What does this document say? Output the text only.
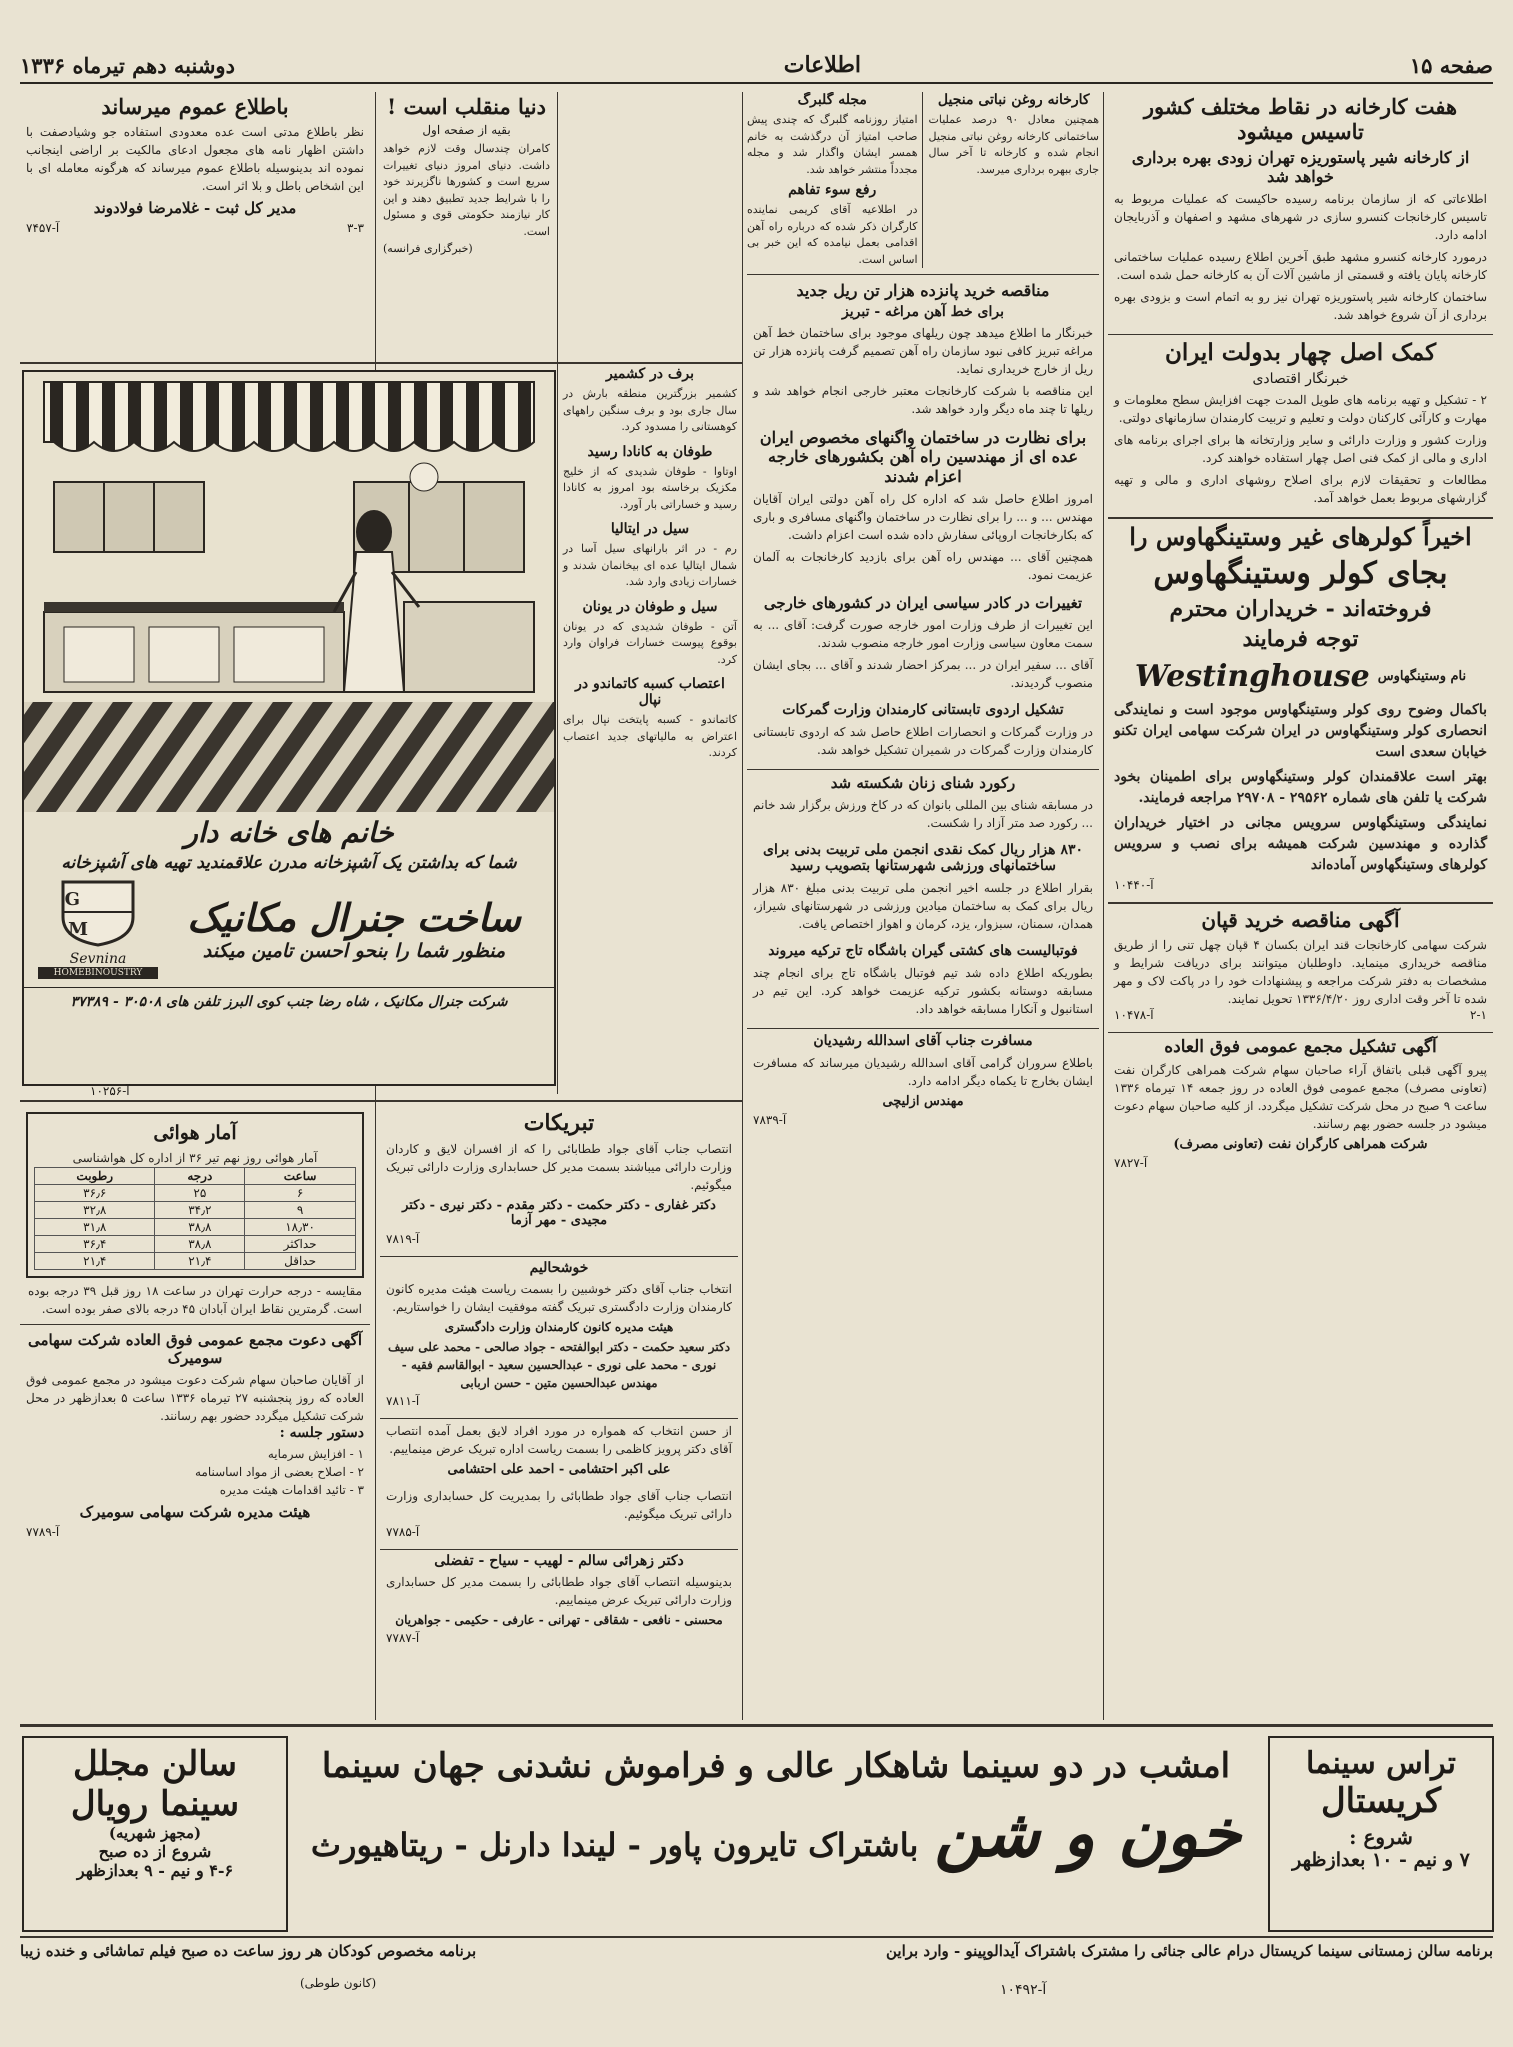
صفحه ۱۵
اطلاعات
دوشنبه دهم تیرماه ۱۳۳۶
هفت کارخانه در نقاط مختلف کشور تاسیس میشود
از کارخانه شیر پاستوریزه تهران زودی بهره برداری خواهد شد

اطلاعاتی که از سازمان برنامه رسیده حاکیست که عملیات مربوط به تاسیس کارخانجات کنسرو سازی در شهرهای مشهد و اصفهان و آذربایجان ادامه دارد.

درمورد کارخانه کنسرو مشهد طبق آخرین اطلاع رسیده عملیات ساختمانی کارخانه پایان یافته و قسمتی از ماشین آلات آن به کارخانه حمل شده است.

ساختمان کارخانه شیر پاستوریزه تهران نیز رو به اتمام است و بزودی بهره برداری از آن شروع خواهد شد.

کمک اصل چهار بدولت ایران
خبرنگار اقتصادی

۲ - تشکیل و تهیه برنامه های طویل المدت جهت افزایش سطح معلومات و مهارت و کارآئی کارکنان دولت و تعلیم و تربیت کارمندان سازمانهای دولتی.

وزارت کشور و وزارت دارائی و سایر وزارتخانه ها برای اجرای برنامه های اداری و مالی از کمک فنی اصل چهار استفاده خواهند کرد.

مطالعات و تحقیقات لازم برای اصلاح روشهای اداری و مالی و تهیه گزارشهای مربوط بعمل خواهد آمد.

اخیراً کولرهای غیر وستینگهاوس را
بجای کولر وستینگهاوس
فروخته‌اند - خریداران محترم
توجه فرمایند
نام وستینگهاوس
Westinghouse
باکمال وضوح روی کولر وستینگهاوس موجود است و نمایندگی انحصاری کولر وستینگهاوس در ایران شرکت سهامی ایران تکنو خیابان سعدی است
بهتر است علاقمندان کولر وستینگهاوس برای اطمینان بخود شرکت یا تلفن های شماره ۲۹۵۶۲ - ۲۹۷۰۸ مراجعه فرمایند.
نمایندگی وستینگهاوس سرویس مجانی در اختیار خریداران گذارده و مهندسین شرکت همیشه برای نصب و سرویس کولرهای وستینگهاوس آماده‌اند
آ-۱۰۴۴۰
آگهی مناقصه خرید قپان
شرکت سهامی کارخانجات قند ایران بکسان ۴ قپان چهل تنی را از طریق مناقصه خریداری مینماید. داوطلبان میتوانند برای دریافت شرایط و مشخصات به دفتر شرکت مراجعه و پیشنهادات خود را در پاکت لاک و مهر شده تا آخر وقت اداری روز ۱۳۳۶/۴/۲۰ تحویل نمایند.
۲-۱
آ-۱۰۴۷۸
آگهی تشکیل مجمع عمومی فوق العاده
پیرو آگهی قبلی باتفاق آراء صاحبان سهام شرکت همراهی کارگران نفت (تعاونی مصرف) مجمع عمومی فوق العاده در روز جمعه ۱۴ تیرماه ۱۳۳۶ ساعت ۹ صبح در محل شرکت تشکیل میگردد. از کلیه صاحبان سهام دعوت میشود در جلسه حضور بهم رسانند.
شرکت همراهی کارگران نفت (تعاونی مصرف)
آ-۷۸۲۷
کارخانه روغن نباتی منجیل
همچنین معادل ۹۰ درصد عملیات ساختمانی کارخانه روغن نباتی منجیل انجام شده و کارخانه تا آخر سال جاری ببهره برداری میرسد.
مجله گلبرگ
امتیاز روزنامه گلبرگ که چندی پیش صاحب امتیاز آن درگذشت به خانم همسر ایشان واگذار شد و مجله مجدداً منتشر خواهد شد.
رفع سوء تفاهم
در اطلاعیه آقای کریمی نماینده کارگران ذکر شده که درباره راه آهن اقدامی بعمل نیامده که این خبر بی اساس است.
مناقصه خرید پانزده هزار تن ریل جدید
برای خط آهن مراغه - تبریز

خبرنگار ما اطلاع میدهد چون ریلهای موجود برای ساختمان خط آهن مراغه تبریز کافی نبود سازمان راه آهن تصمیم گرفت پانزده هزار تن ریل از خارج خریداری نماید.

این مناقصه با شرکت کارخانجات معتبر خارجی انجام خواهد شد و ریلها تا چند ماه دیگر وارد خواهد شد.

برای نظارت در ساختمان واگنهای مخصوص ایران عده ای از مهندسین راه آهن بکشورهای خارجه اعزام شدند

امروز اطلاع حاصل شد که اداره کل راه آهن دولتی ایران آقایان مهندس ... و ... را برای نظارت در ساختمان واگنهای مسافری و باری که بکارخانجات اروپائی سفارش داده شده است اعزام داشت.

همچنین آقای ... مهندس راه آهن برای بازدید کارخانجات به آلمان عزیمت نمود.

تغییرات در کادر سیاسی ایران در کشورهای خارجی

این تغییرات از طرف وزارت امور خارجه صورت گرفت: آقای ... به سمت معاون سیاسی وزارت امور خارجه منصوب شدند.

آقای ... سفیر ایران در ... بمرکز احضار شدند و آقای ... بجای ایشان منصوب گردیدند.

تشکیل اردوی تابستانی کارمندان وزارت گمرکات
در وزارت گمرکات و انحصارات اطلاع حاصل شد که اردوی تابستانی کارمندان وزارت گمرکات در شمیران تشکیل خواهد شد.
رکورد شنای زنان شکسته شد
در مسابقه شنای بین المللی بانوان که در کاخ ورزش برگزار شد خانم ... رکورد صد متر آزاد را شکست.
۸۳۰ هزار ریال کمک نقدی انجمن ملی تربیت بدنی برای ساختمانهای ورزشی شهرستانها بتصویب رسید
بقرار اطلاع در جلسه اخیر انجمن ملی تربیت بدنی مبلغ ۸۳۰ هزار ریال برای کمک به ساختمان میادین ورزشی در شهرستانهای شیراز، همدان، سمنان، سبزوار، یزد، کرمان و اهواز اختصاص یافت.
فوتبالیست های کشتی گیران باشگاه تاج ترکیه میروند
بطوریکه اطلاع داده شد تیم فوتبال باشگاه تاج برای انجام چند مسابقه دوستانه بکشور ترکیه عزیمت خواهد کرد. این تیم در استانبول و آنکارا مسابقه خواهد داد.
مسافرت جناب آقای اسدالله رشیدیان
باطلاع سروران گرامی آقای اسدالله رشیدیان میرساند که مسافرت ایشان بخارج تا یکماه دیگر ادامه دارد.
مهندس ازلیچی
آ-۷۸۳۹
دنیا منقلب است !
بقیه از صفحه اول
کامران چندسال وقت لازم خواهد داشت. دنیای امروز دنیای تغییرات سریع است و کشورها ناگزیرند خود را با شرایط جدید تطبیق دهند و این کار نیازمند حکومتی قوی و مسئول است.
(خبرگزاری فرانسه)
برف در کشمیر
کشمیر بزرگترین منطقه بارش در سال جاری بود و برف سنگین راههای کوهستانی را مسدود کرد.
طوفان به کانادا رسید
اوتاوا - طوفان شدیدی که از خلیج مکزیک برخاسته بود امروز به کانادا رسید و خساراتی بار آورد.
سیل در ایتالیا
رم - در اثر بارانهای سیل آسا در شمال ایتالیا عده ای بیخانمان شدند و خسارات زیادی وارد شد.
سیل و طوفان در یونان
آتن - طوفان شدیدی که در یونان بوقوع پیوست خسارات فراوان وارد کرد.
اعتصاب کسبه کاتماندو در نپال
کاتماندو - کسبه پایتخت نپال برای اعتراض به مالیاتهای جدید اعتصاب کردند.
خانم های خانه دار
شما که بداشتن یک آشپزخانه مدرن علاقمندید تهیه های آشپزخانه
ساخت جنرال مکانیک
منظور شما را بنحو احسن تامین میکند
G
M
Sevnina
HOMEBINOUSTRY
شرکت جنرال مکانیک ، شاه رضا جنب کوی البرز تلفن های ۳۰۵۰۸ - ۳۷۳۸۹
آ-۱۰۲۵۶
باطلاع عموم میرساند
نظر باطلاع مدتی است عده معدودی استفاده جو وشیادصفت با داشتن اظهار نامه های مجعول ادعای مالکیت بر اراضی اینجانب نموده اند بدینوسیله باطلاع عموم میرساند که هرگونه معامله ای با این اشخاص باطل و بلا اثر است.
مدیر کل ثبت - غلامرضا فولادوند
۳-۳
آ-۷۴۵۷
آمار هوائی
آمار هوائی روز نهم تیر ۳۶ از اداره کل هواشناسی
ساعت	درجه	رطوبت
۶	۲۵	۳۶٫۶
۹	۳۴٫۲	۳۲٫۸
۱۸٫۳۰	۳۸٫۸	۳۱٫۸
حداکثر	۳۸٫۸	۳۶٫۴
حداقل	۲۱٫۴	۲۱٫۴
مقایسه - درجه حرارت تهران در ساعت ۱۸ روز قبل ۳۹ درجه بوده است. گرمترین نقاط ایران آبادان ۴۵ درجه بالای صفر بوده است.
آگهی دعوت مجمع عمومی فوق العاده شرکت سهامی سومیرک
از آقایان صاحبان سهام شرکت دعوت میشود در مجمع عمومی فوق العاده که روز پنجشنبه ۲۷ تیرماه ۱۳۳۶ ساعت ۵ بعدازظهر در محل شرکت تشکیل میگردد حضور بهم رسانند.
دستور جلسه :
۱ - افزایش سرمایه
۲ - اصلاح بعضی از مواد اساسنامه
۳ - تائید اقدامات هیئت مدیره
هیئت مدیره شرکت سهامی سومیرک
آ-۷۷۸۹
تبریکات
انتصاب جناب آقای جواد ططابائی را که از افسران لایق و کاردان وزارت دارائی میباشند بسمت مدیر کل حسابداری وزارت دارائی تبریک میگوئیم.
دکتر غفاری - دکتر حکمت - دکتر مقدم - دکتر نیری - دکتر مجیدی - مهر آزما
آ-۷۸۱۹
خوشحالیم
انتخاب جناب آقای دکتر خوشبین را بسمت ریاست هیئت مدیره کانون کارمندان وزارت دادگستری تبریک گفته موفقیت ایشان را خواستاریم.
هیئت مدیره کانون کارمندان وزارت دادگستری
دکتر سعید حکمت - دکتر ابوالفتحه - جواد صالحی - محمد علی سیف نوری - محمد علی نوری - عبدالحسین سعید - ابوالقاسم فقیه - مهندس عبدالحسین متین - حسن اربابی
آ-۷۸۱۱
از حسن انتخاب که همواره در مورد افراد لایق بعمل آمده انتصاب آقای دکتر پرویز کاظمی را بسمت ریاست اداره تبریک عرض مینماییم.
علی اکبر احتشامی - احمد علی احتشامی
انتصاب جناب آقای جواد ططابائی را بمدیریت کل حسابداری وزارت دارائی تبریک میگوئیم.
آ-۷۷۸۵
دکتر زهرائی سالم - لهیب - سیاح - تفضلی
بدینوسیله انتصاب آقای جواد ططابائی را بسمت مدیر کل حسابداری وزارت دارائی تبریک عرض مینماییم.
محسنی - نافعی - شقاقی - تهرانی - عارفی - حکیمی - جواهریان
آ-۷۷۸۷
تراس سینما
کریستال
شروع :
۷ و نیم - ۱۰ بعدازظهر
امشب در دو سینما شاهکار عالی و فراموش نشدنی جهان سینما
خون و شن
باشتراک تایرون پاور - لیندا دارنل - ریتاهیورث
سالن مجلل
سینما رویال
(مجهز شهریه)
شروع از ده صبح
۴-۶ و نیم - ۹ بعدازظهر
برنامه سالن زمستانی سینما کریستال درام عالی جنائی را مشترک باشتراک آیدالوپینو - وارد براین
برنامه مخصوص کودکان هر روز ساعت ده صبح فیلم تماشائی و خنده زیبا
(کانون طوطی)	آ-۱۰۴۹۲
